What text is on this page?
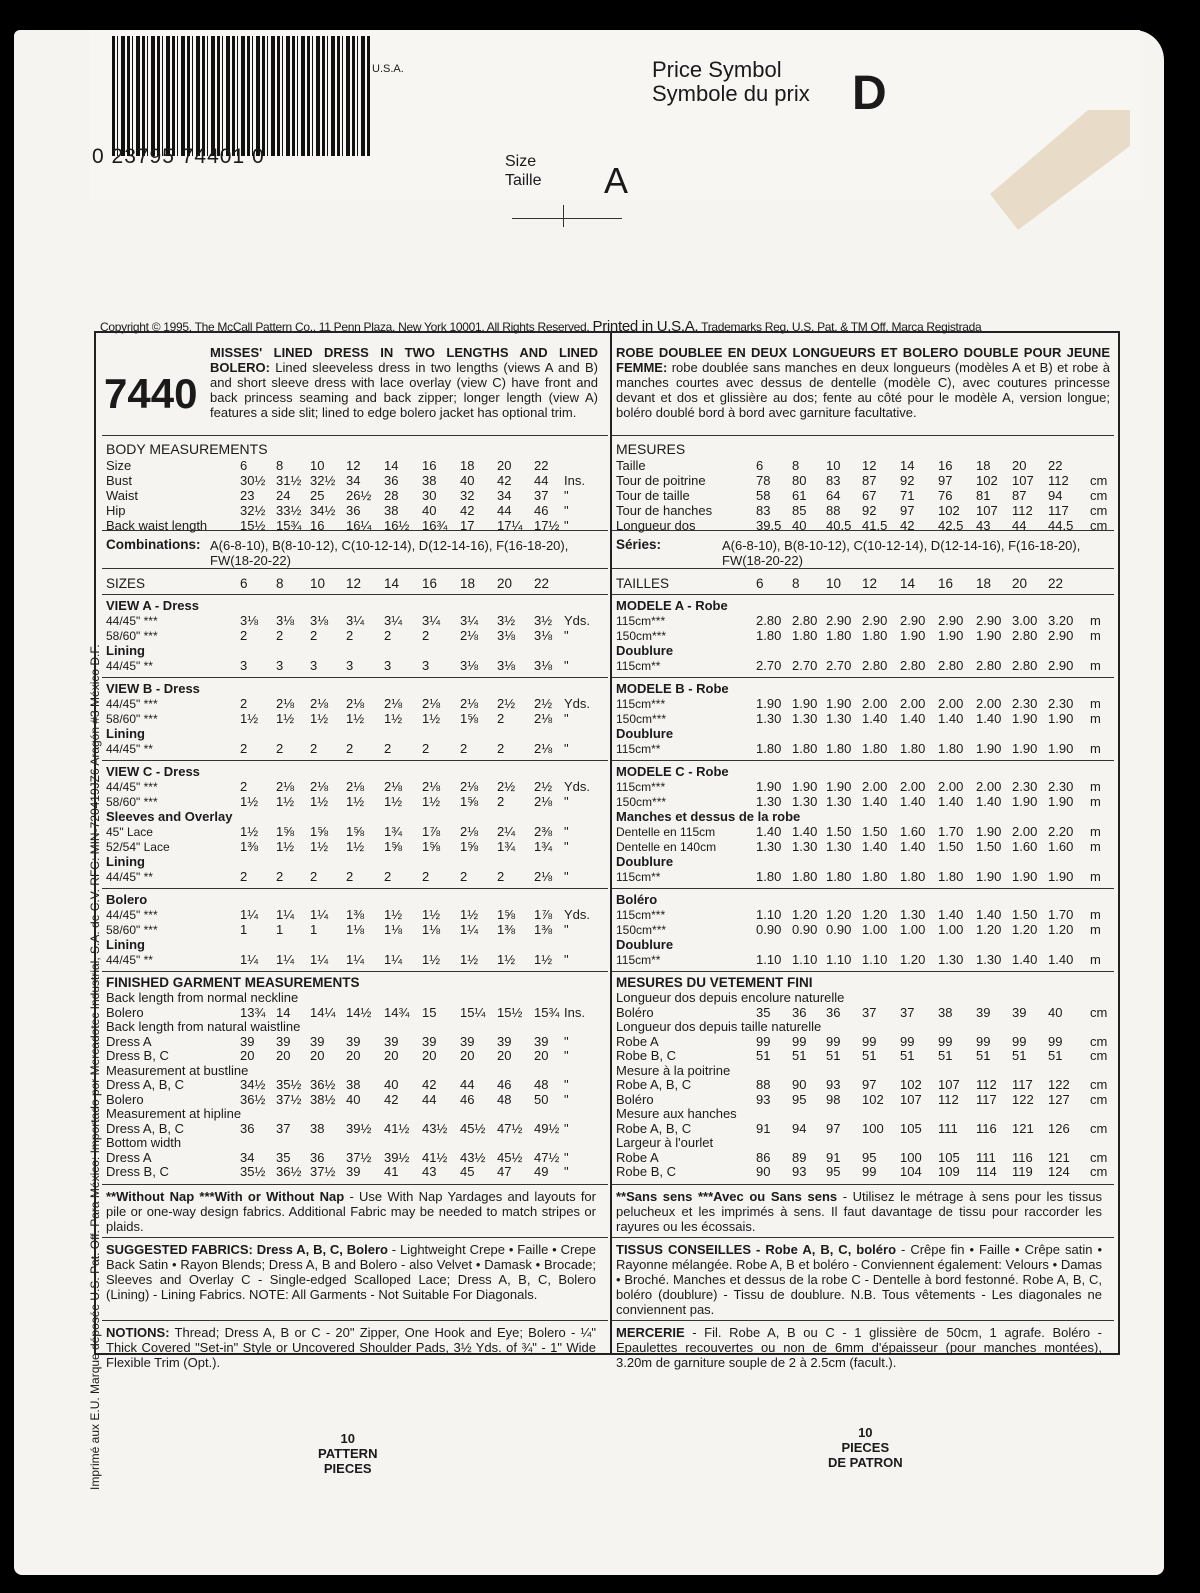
0 23795 74401 0
U.S.A.	Price Symbol
Symbole du prix D
Size
Taille A
Copyright © 1995, The McCall Pattern Co., 11 Penn Plaza, New York 10001, All Rights Reserved. Printed in U.S.A. Trademarks Reg. U.S. Pat. & TM Off. Marca Registrada
Imprimé aux E.U. Marque déposée U.S. Pat. Off. Para México: Importado por Mercadotec Industrial, S.A. de C.V. RFC: MIN-720419JZ6 Aragón #3 México D.F.
7440
MISSES' LINED DRESS IN TWO LENGTHS AND LINED BOLERO: Lined sleeveless dress in two lengths (views A and B) and short sleeve dress with lace overlay (view C) have front and back princess seaming and back zipper; longer length (view A) features a side slit; lined to edge bolero jacket has optional trim.
BODY MEASUREMENTS
Size	6 8 10 12 14 16 18 20 22
Bust	30½ 31½ 32½ 34 36 38 40 42 44 Ins.
Waist	23 24 25 26½ 28 30 32 34 37 "
Hip	32½ 33½ 34½ 36 38 40 42 44 46 "
Back waist length	15½ 15¾ 16 16¼ 16½ 16¾ 17 17¼ 17½ "
Combinations: A(6-8-10), B(8-10-12), C(10-12-14), D(12-14-16), F(16-18-20), FW(18-20-22)
SIZES	6 8 10 12 14 16 18 20 22
VIEW A - Dress
44/45" ***	3⅛ 3⅛ 3⅛ 3¼ 3¼ 3¼ 3¼ 3½ 3½ Yds.
58/60" ***	2 2 2 2 2 2 2⅛ 3⅛ 3⅛ "
Lining
44/45" **	3 3 3 3 3 3 3⅛ 3⅛ 3⅛ "
VIEW B - Dress
44/45" ***	2 2⅛ 2⅛ 2⅛ 2⅛ 2⅛ 2⅛ 2½ 2½ Yds.
58/60" ***	1½ 1½ 1½ 1½ 1½ 1½ 1⅝ 2 2⅛ "
Lining
44/45" **	2 2 2 2 2 2 2 2 2⅛ "
VIEW C - Dress
44/45" ***	2 2⅛ 2⅛ 2⅛ 2⅛ 2⅛ 2⅛ 2½ 2½ Yds.
58/60" ***	1½ 1½ 1½ 1½ 1½ 1½ 1⅝ 2 2⅛ "
Sleeves and Overlay
45" Lace	1½ 1⅝ 1⅝ 1⅝ 1¾ 1⅞ 2⅛ 2¼ 2⅜ "
52/54" Lace	1⅜ 1½ 1½ 1½ 1⅝ 1⅝ 1⅝ 1¾ 1¾ "
Lining
44/45" **	2 2 2 2 2 2 2 2 2⅛ "
Bolero
44/45" ***	1¼ 1¼ 1¼ 1⅜ 1½ 1½ 1½ 1⅝ 1⅞ Yds.
58/60" ***	1 1 1 1⅛ 1⅛ 1⅛ 1¼ 1⅜ 1⅜ "
Lining
44/45" **	1¼ 1¼ 1¼ 1¼ 1¼ 1½ 1½ 1½ 1½ "
FINISHED GARMENT MEASUREMENTS
Back length from normal neckline
Bolero	13¾ 14 14¼ 14½ 14¾ 15 15¼ 15½ 15¾ Ins.
Back length from natural waistline
Dress A	39 39 39 39 39 39 39 39 39 "
Dress B, C	20 20 20 20 20 20 20 20 20 "
Measurement at bustline
Dress A, B, C	34½ 35½ 36½ 38 40 42 44 46 48 "
Bolero	36½ 37½ 38½ 40 42 44 46 48 50 "
Measurement at hipline
Dress A, B, C	36 37 38 39½ 41½ 43½ 45½ 47½ 49½ "
Bottom width
Dress A	34 35 36 37½ 39½ 41½ 43½ 45½ 47½ "
Dress B, C	35½ 36½ 37½ 39 41 43 45 47 49 "
**Without Nap ***With or Without Nap - Use With Nap Yardages and layouts for pile or one-way design fabrics. Additional Fabric may be needed to match stripes or plaids.
SUGGESTED FABRICS: Dress A, B, C, Bolero - Lightweight Crepe • Faille • Crepe Back Satin • Rayon Blends; Dress A, B and Bolero - also Velvet • Damask • Brocade; Sleeves and Overlay C - Single-edged Scalloped Lace; Dress A, B, C, Bolero (Lining) - Lining Fabrics. NOTE: All Garments - Not Suitable For Diagonals.
NOTIONS: Thread; Dress A, B or C - 20" Zipper, One Hook and Eye; Bolero - ¼" Thick Covered "Set-in" Style or Uncovered Shoulder Pads, 3½ Yds. of ¾" - 1" Wide Flexible Trim (Opt.).
ROBE DOUBLEE EN DEUX LONGUEURS ET BOLERO DOUBLE POUR JEUNE FEMME: robe doublée sans manches en deux longueurs (modèles A et B) et robe à manches courtes avec dessus de dentelle (modèle C), avec coutures princesse devant et dos et glissière au dos; fente au côté pour le modèle A, version longue; boléro doublé bord à bord avec garniture facultative.
MESURES
Taille	6 8 10 12 14 16 18 20 22
Tour de poitrine	78 80 83 87 92 97 102 107 112 cm
Tour de taille	58 61 64 67 71 76 81 87 94 cm
Tour de hanches	83 85 88 92 97 102 107 112 117 cm
Longueur dos	39.5 40 40.5 41.5 42 42.5 43 44 44.5 cm
Séries:	A(6-8-10), B(8-10-12), C(10-12-14), D(12-14-16), F(16-18-20), FW(18-20-22)
TAILLES	6 8 10 12 14 16 18 20 22
MODELE A - Robe
115cm***	2.80 2.80 2.90 2.90 2.90 2.90 2.90 3.00 3.20 m
150cm***	1.80 1.80 1.80 1.80 1.90 1.90 1.90 2.80 2.90 m
Doublure
115cm**	2.70 2.70 2.70 2.80 2.80 2.80 2.80 2.80 2.90 m
MODELE B - Robe
115cm***	1.90 1.90 1.90 2.00 2.00 2.00 2.00 2.30 2.30 m
150cm***	1.30 1.30 1.30 1.40 1.40 1.40 1.40 1.90 1.90 m
Doublure
115cm**	1.80 1.80 1.80 1.80 1.80 1.80 1.90 1.90 1.90 m
MODELE C - Robe
115cm***	1.90 1.90 1.90 2.00 2.00 2.00 2.00 2.30 2.30 m
150cm***	1.30 1.30 1.30 1.40 1.40 1.40 1.40 1.90 1.90 m
Manches et dessus de la robe
Dentelle en 115cm	1.40 1.40 1.50 1.50 1.60 1.70 1.90 2.00 2.20 m
Dentelle en 140cm	1.30 1.30 1.30 1.40 1.40 1.50 1.50 1.60 1.60 m
Doublure
115cm**	1.80 1.80 1.80 1.80 1.80 1.80 1.90 1.90 1.90 m
Boléro
115cm***	1.10 1.20 1.20 1.20 1.30 1.40 1.40 1.50 1.70 m
150cm***	0.90 0.90 0.90 1.00 1.00 1.00 1.20 1.20 1.20 m
Doublure
115cm**	1.10 1.10 1.10 1.10 1.20 1.30 1.30 1.40 1.40 m
MESURES DU VETEMENT FINI
Longueur dos depuis encolure naturelle
Boléro	35 36 36 37 37 38 39 39 40 cm
Longueur dos depuis taille naturelle
Robe A	99 99 99 99 99 99 99 99 99 cm
Robe B, C	51 51 51 51 51 51 51 51 51 cm
Mesure à la poitrine
Robe A, B, C	88 90 93 97 102 107 112 117 122 cm
Boléro	93 95 98 102 107 112 117 122 127 cm
Mesure aux hanches
Robe A, B, C	91 94 97 100 105 111 116 121 126 cm
Largeur à l'ourlet
Robe A	86 89 91 95 100 105 111 116 121 cm
Robe B, C	90 93 95 99 104 109 114 119 124 cm
**Sans sens ***Avec ou Sans sens - Utilisez le métrage à sens pour les tissus pelucheux et les imprimés à sens. Il faut davantage de tissu pour raccorder les rayures ou les écossais.
TISSUS CONSEILLES - Robe A, B, C, boléro - Crêpe fin • Faille • Crêpe satin • Rayonne mélangée. Robe A, B et boléro - Conviennent également: Velours • Damas • Broché. Manches et dessus de la robe C - Dentelle à bord festonné. Robe A, B, C, boléro (doublure) - Tissu de doublure. N.B. Tous vêtements - Les diagonales ne conviennent pas.
MERCERIE - Fil. Robe A, B ou C - 1 glissière de 50cm, 1 agrafe. Boléro - Epaulettes recouvertes ou non de 6mm d'épaisseur (pour manches montées), 3.20m de garniture souple de 2 à 2.5cm (facult.).
10
PATTERN
PIECES
10
PIECES
DE PATRON
